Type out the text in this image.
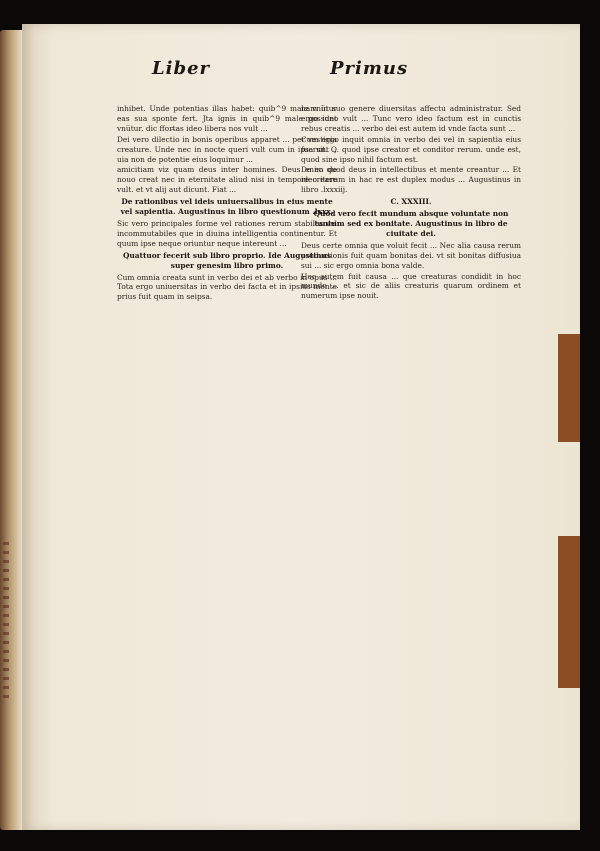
Liber	Primus

inhibet. Unde potentias illas habet: quib^9 male vnu̅tur eas sua sponte fert. Jta ignis in quib^9 male possunt vnu̅tur. dic ffort̶as ideo libera nos vult ...

Dei vero dilectio in bonis operibus apparet ... per vestigia creature. Unde nec in nocte queri vult cum in ipsa sit. Q uia non de potentie eius loquimur ...

amicitiam viz quam deus inter homines. Deus enim de nouo creat nec in eternitate aliud nisi in tempore creare vult. et vt alij aut dicunt. Fiat ...

De rationibus vel ideis uniuersalibus in eius mente vel sapientia. Augustinus in libro questionum .lxxx.

Sic vero principales forme vel rationes rerum stabiles vel incommutabiles que in diuina intelligentia continentur. Et quum ipse neque oriuntur neque intereunt ...

Quattuor fecerit sub libro proprio. Ide Augustinus super genesim libro primo.

Cum omnia creata sunt in verbo dei et ab verbo in opus ... Tota ergo uniuersitas in verbo dei facta et in ipsius mente prius fuit quam in seipsa.

nam in suo genere diuersitas affectu administratur. Sed ergo ideo vult ... Tunc vero ideo factum est in cunctis rebus creatis ... verbo dei est autem id vnde facta sunt ...

Cum ergo inquit omnia in verbo dei vel in sapientia eius fuerunt ... quod ipse creator et conditor rerum. unde est, quod sine ipso nihil factum est.

De eo quod deus in intellectibus et mente creantur ... Et ideo iterum in hac re est duplex modus ... Augustinus in libro .lxxxiij.

C. XXXIII.
Quod vero fecit mundum absque voluntate non tantum sed ex bonitate. Augustinus in libro de ciuitate dei.

Deus certe omnia que voluit fecit ... Nec alia causa rerum productionis fuit quam bonitas dei. vt sit bonitas diffusiua sui ... sic ergo omnia bona valde.

Hec autem fuit causa ... que creaturas condidit in hoc mundo ... et sic de aliis creaturis quarum ordinem et numerum ipse nouit.
